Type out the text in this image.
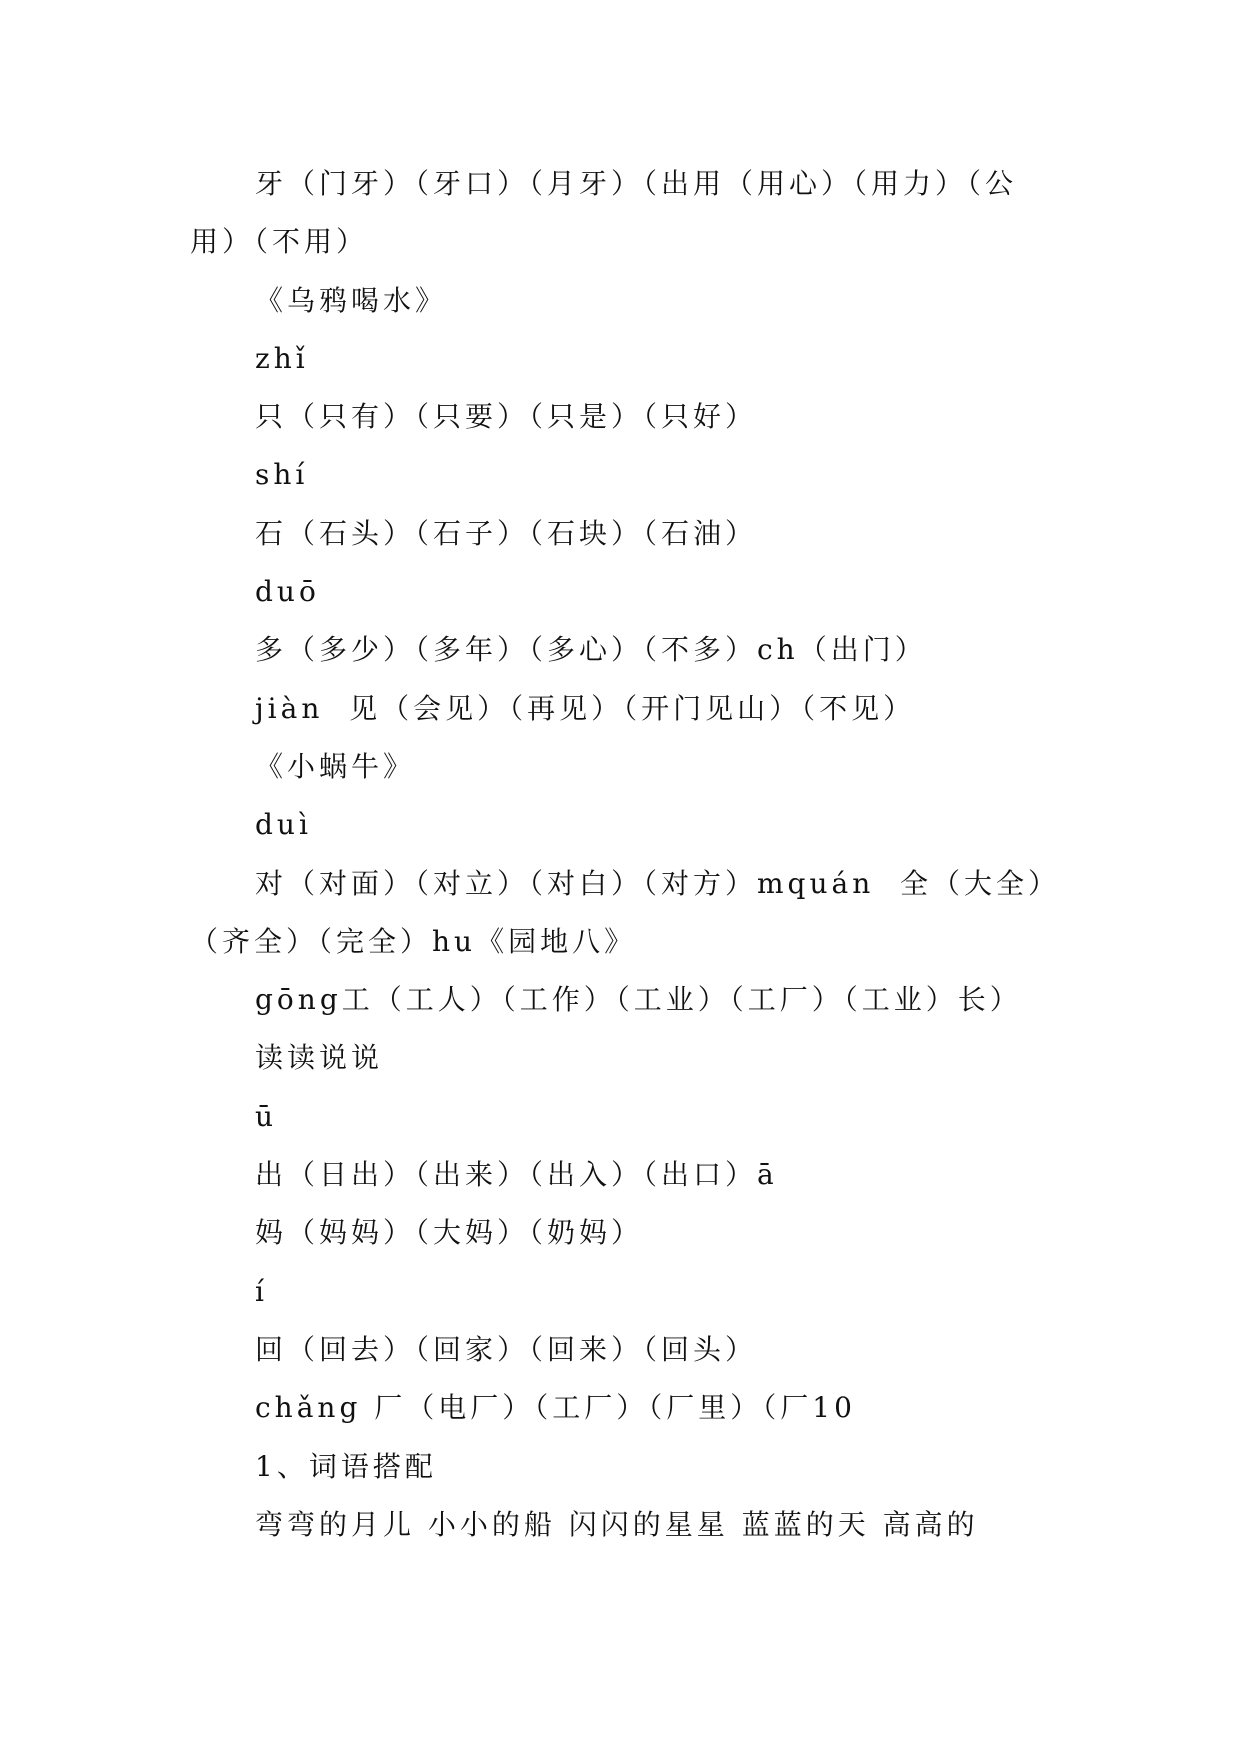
牙（门牙）（牙口）（月牙）（出用（用心）（用力）（公
用）（不用）
《乌鸦喝水》
zhǐ
只（只有）（只要）（只是）（只好）
shí
石（石头）（石子）（石块）（石油）
duō
多（多少）（多年）（多心）（不多）ch（出门）
jiàn  见（会见）（再见）（开门见山）（不见）
《小蜗牛》
duì
对（对面）（对立）（对白）（对方）mquán  全（大全）
（齐全）（完全）hu《园地八》
gōng工（工人）（工作）（工业）（工厂）（工业）长）
读读说说
ū
出（日出）（出来）（出入）（出口）ā
妈（妈妈）（大妈）（奶妈）
í
回（回去）（回家）（回来）（回头）
chǎng 厂（电厂）（工厂）（厂里）（厂10
1、词语搭配
弯弯的月儿 小小的船 闪闪的星星 蓝蓝的天 高高的
